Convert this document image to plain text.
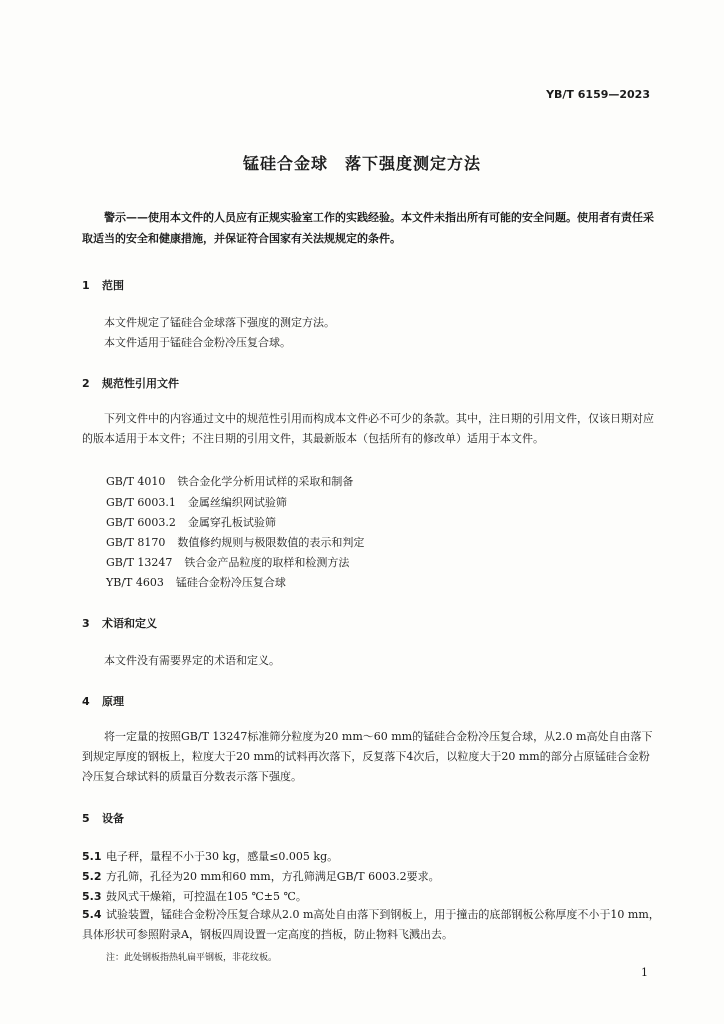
YB/T 6159—2023
锰硅合金球　落下强度测定方法

警示——使用本文件的人员应有正规实验室工作的实践经验。本文件未指出所有可能的安全问题。使用者有责任采取适当的安全和健康措施，并保证符合国家有关法规规定的条件。

1 范围

本文件规定了锰硅合金球落下强度的测定方法。

本文件适用于锰硅合金粉冷压复合球。

2 规范性引用文件

下列文件中的内容通过文中的规范性引用而构成本文件必不可少的条款。其中，注日期的引用文件，仅该日期对应的版本适用于本文件；不注日期的引用文件，其最新版本（包括所有的修改单）适用于本文件。

GB/T 4010 铁合金化学分析用试样的采取和制备
GB/T 6003.1 金属丝编织网试验筛
GB/T 6003.2 金属穿孔板试验筛
GB/T 8170 数值修约规则与极限数值的表示和判定
GB/T 13247 铁合金产品粒度的取样和检测方法
YB/T 4603 锰硅合金粉冷压复合球
3 术语和定义

本文件没有需要界定的术语和定义。

4 原理

将一定量的按照GB/T 13247标准筛分粒度为20 mm～60 mm的锰硅合金粉冷压复合球，从2.0 m高处自由落下到规定厚度的钢板上，粒度大于20 mm的试料再次落下，反复落下4次后，以粒度大于20 mm的部分占原锰硅合金粉冷压复合球试料的质量百分数表示落下强度。

5 设备
5.1 电子秤，量程不小于30 kg，感量≤0.005 kg。
5.2 方孔筛，孔径为20 mm和60 mm，方孔筛满足GB/T 6003.2要求。
5.3 鼓风式干燥箱，可控温在105 ℃±5 ℃。
5.4 试验装置，锰硅合金粉冷压复合球从2.0 m高处自由落下到钢板上，用于撞击的底部钢板公称厚度不小于10 mm，具体形状可参照附录A，钢板四周设置一定高度的挡板，防止物料飞溅出去。
注：此处钢板指热轧扁平钢板，非花纹板。
1
